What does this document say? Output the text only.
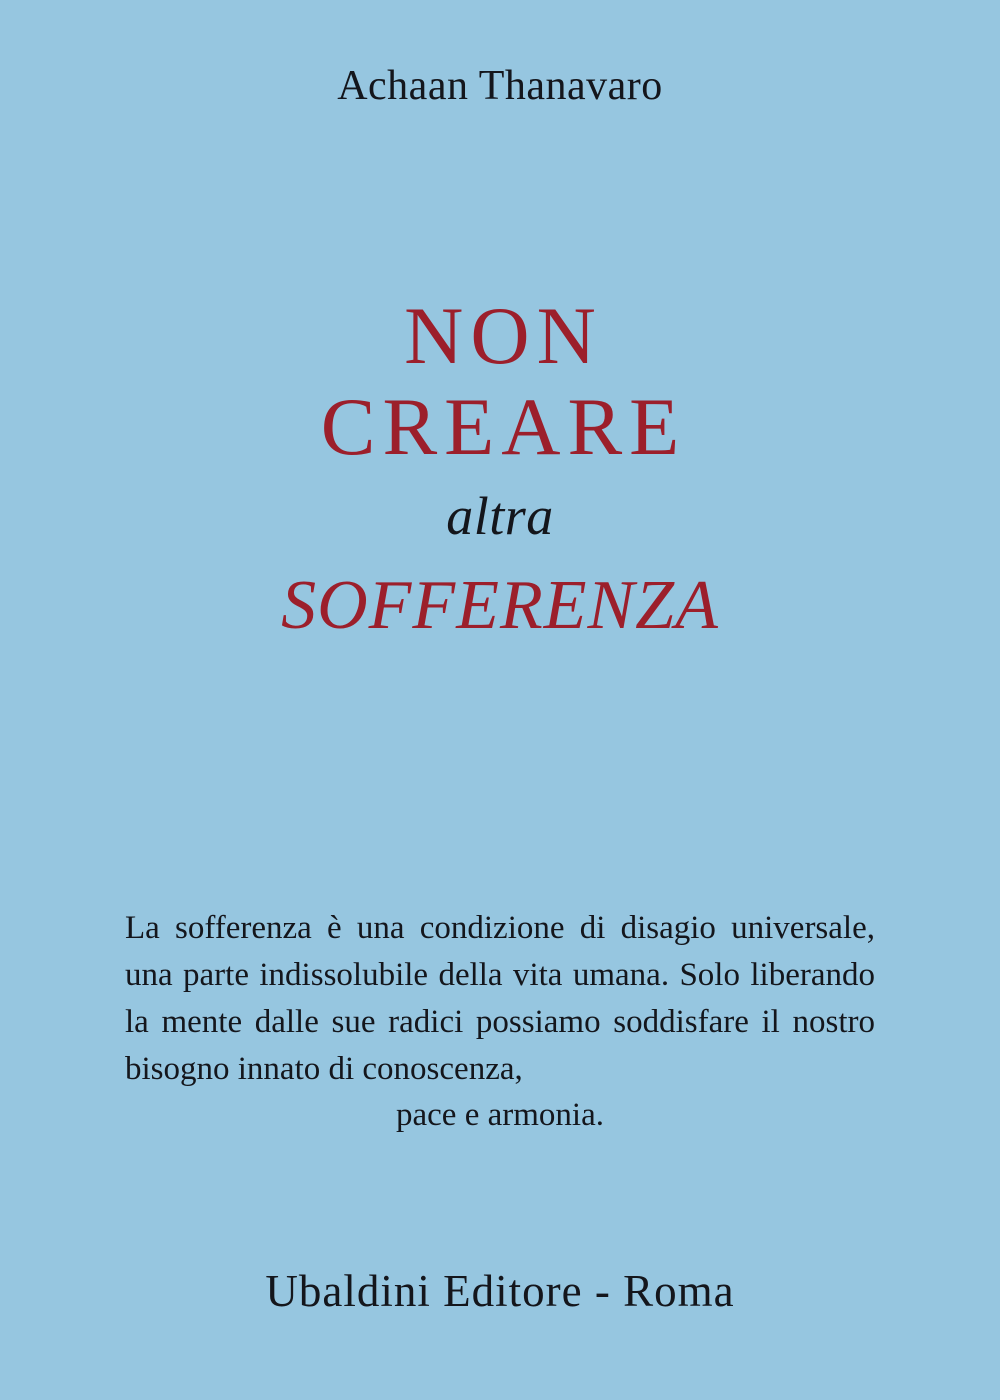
Achaan Thanavaro
NON
CREARE
altra
SOFFERENZA
La sofferenza è una condizione di disagio universale, una parte indissolubile della vita umana. Solo liberando la mente dalle sue radici possiamo soddisfare il nostro bisogno innato di conoscenza,
pace e armonia.
Ubaldini Editore - Roma
